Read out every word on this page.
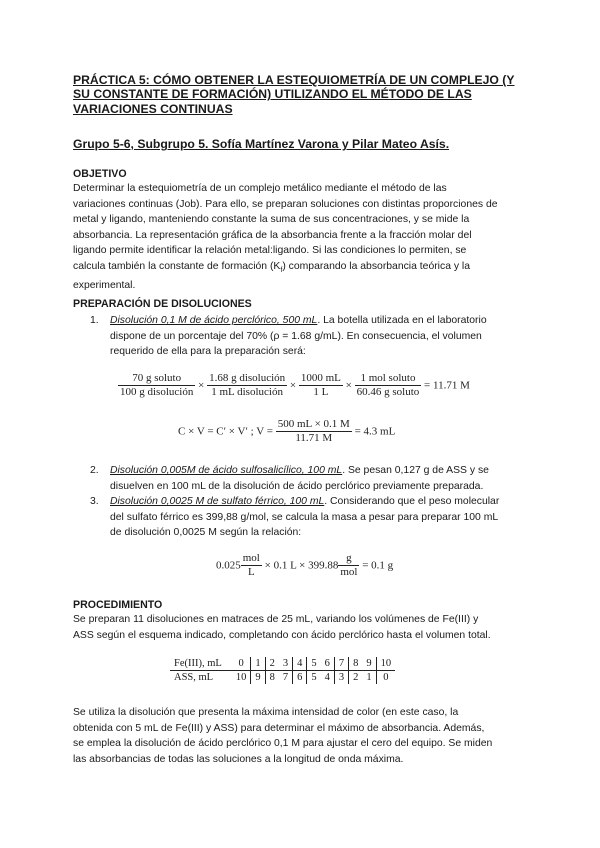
PRÁCTICA 5: CÓMO OBTENER LA ESTEQUIOMETRÍA DE UN COMPLEJO (Y SU CONSTANTE DE FORMACIÓN) UTILIZANDO EL MÉTODO DE LAS VARIACIONES CONTINUAS
Grupo 5-6, Subgrupo 5. Sofía Martínez Varona y Pilar Mateo Asís.
OBJETIVO

Determinar la estequiometría de un complejo metálico mediante el método de las

variaciones continuas (Job). Para ello, se preparan soluciones con distintas proporciones de

metal y ligando, manteniendo constante la suma de sus concentraciones, y se mide la

absorbancia. La representación gráfica de la absorbancia frente a la fracción molar del

ligando permite identificar la relación metal:ligando. Si las condiciones lo permiten, se

calcula también la constante de formación $(K_f)$ comparando la absorbancia teórica y la

experimental.

PREPARACIÓN DE DISOLUCIONES
1. Disolución 0,1 M de ácido perclórico, 500 mL. La botella utilizada en el laboratorio

dispone de un porcentaje del 70% (ρ = 1.68 g/mL). En consecuencia, el volumen

requerido de ella para la preparación será:

$\frac{\text{70 g soluto}}{\text{100 g disolución}} \times \frac{\text{1.68 g disolución}}{\text{1 mL disolución}} \times \frac{1000 mL}{1 L} \times \frac{\text{1 mol soluto}}{\text{60.46 g soluto}} = 11.71$ M
C × V = C′ × V′ ; $V = \frac{500 mL \times 0.1 M}{11.71 M} = 4.3$ mL
2. Disolución 0,005M de ácido sulfosalicílico, 100 mL. Se pesan 0,127 g de ASS y se

disuelven en 100 mL de la disolución de ácido perclórico previamente preparada.

3. Disolución 0,0025 M de sulfato férrico, 100 mL. Considerando que el peso molecular

del sulfato férrico es 399,88 g/mol, se calcula la masa a pesar para preparar 100 mL

de disolución 0,0025 M según la relación:

$0.025 \frac{\text{mol}}{L} \times 0.1$ $L \times 399.88 \frac{g}{\text{mol}} = 0.1$ g
PROCEDIMIENTO

Se preparan 11 disoluciones en matraces de 25 mL, variando los volúmenes de Fe(III) y

ASS según el esquema indicado, completando con ácido perclórico hasta el volumen total.

Fe(III), mL	0	1	2	3	4	5	6	7	8	9	10
ASS, mL	10	9	8	7	6	5	4	3	2	1	0

Se utiliza la disolución que presenta la máxima intensidad de color (en este caso, la

obtenida con 5 mL de Fe(III) y ASS) para determinar el máximo de absorbancia. Además,

se emplea la disolución de ácido perclórico 0,1 M para ajustar el cero del equipo. Se miden

las absorbancias de todas las soluciones a la longitud de onda máxima.
